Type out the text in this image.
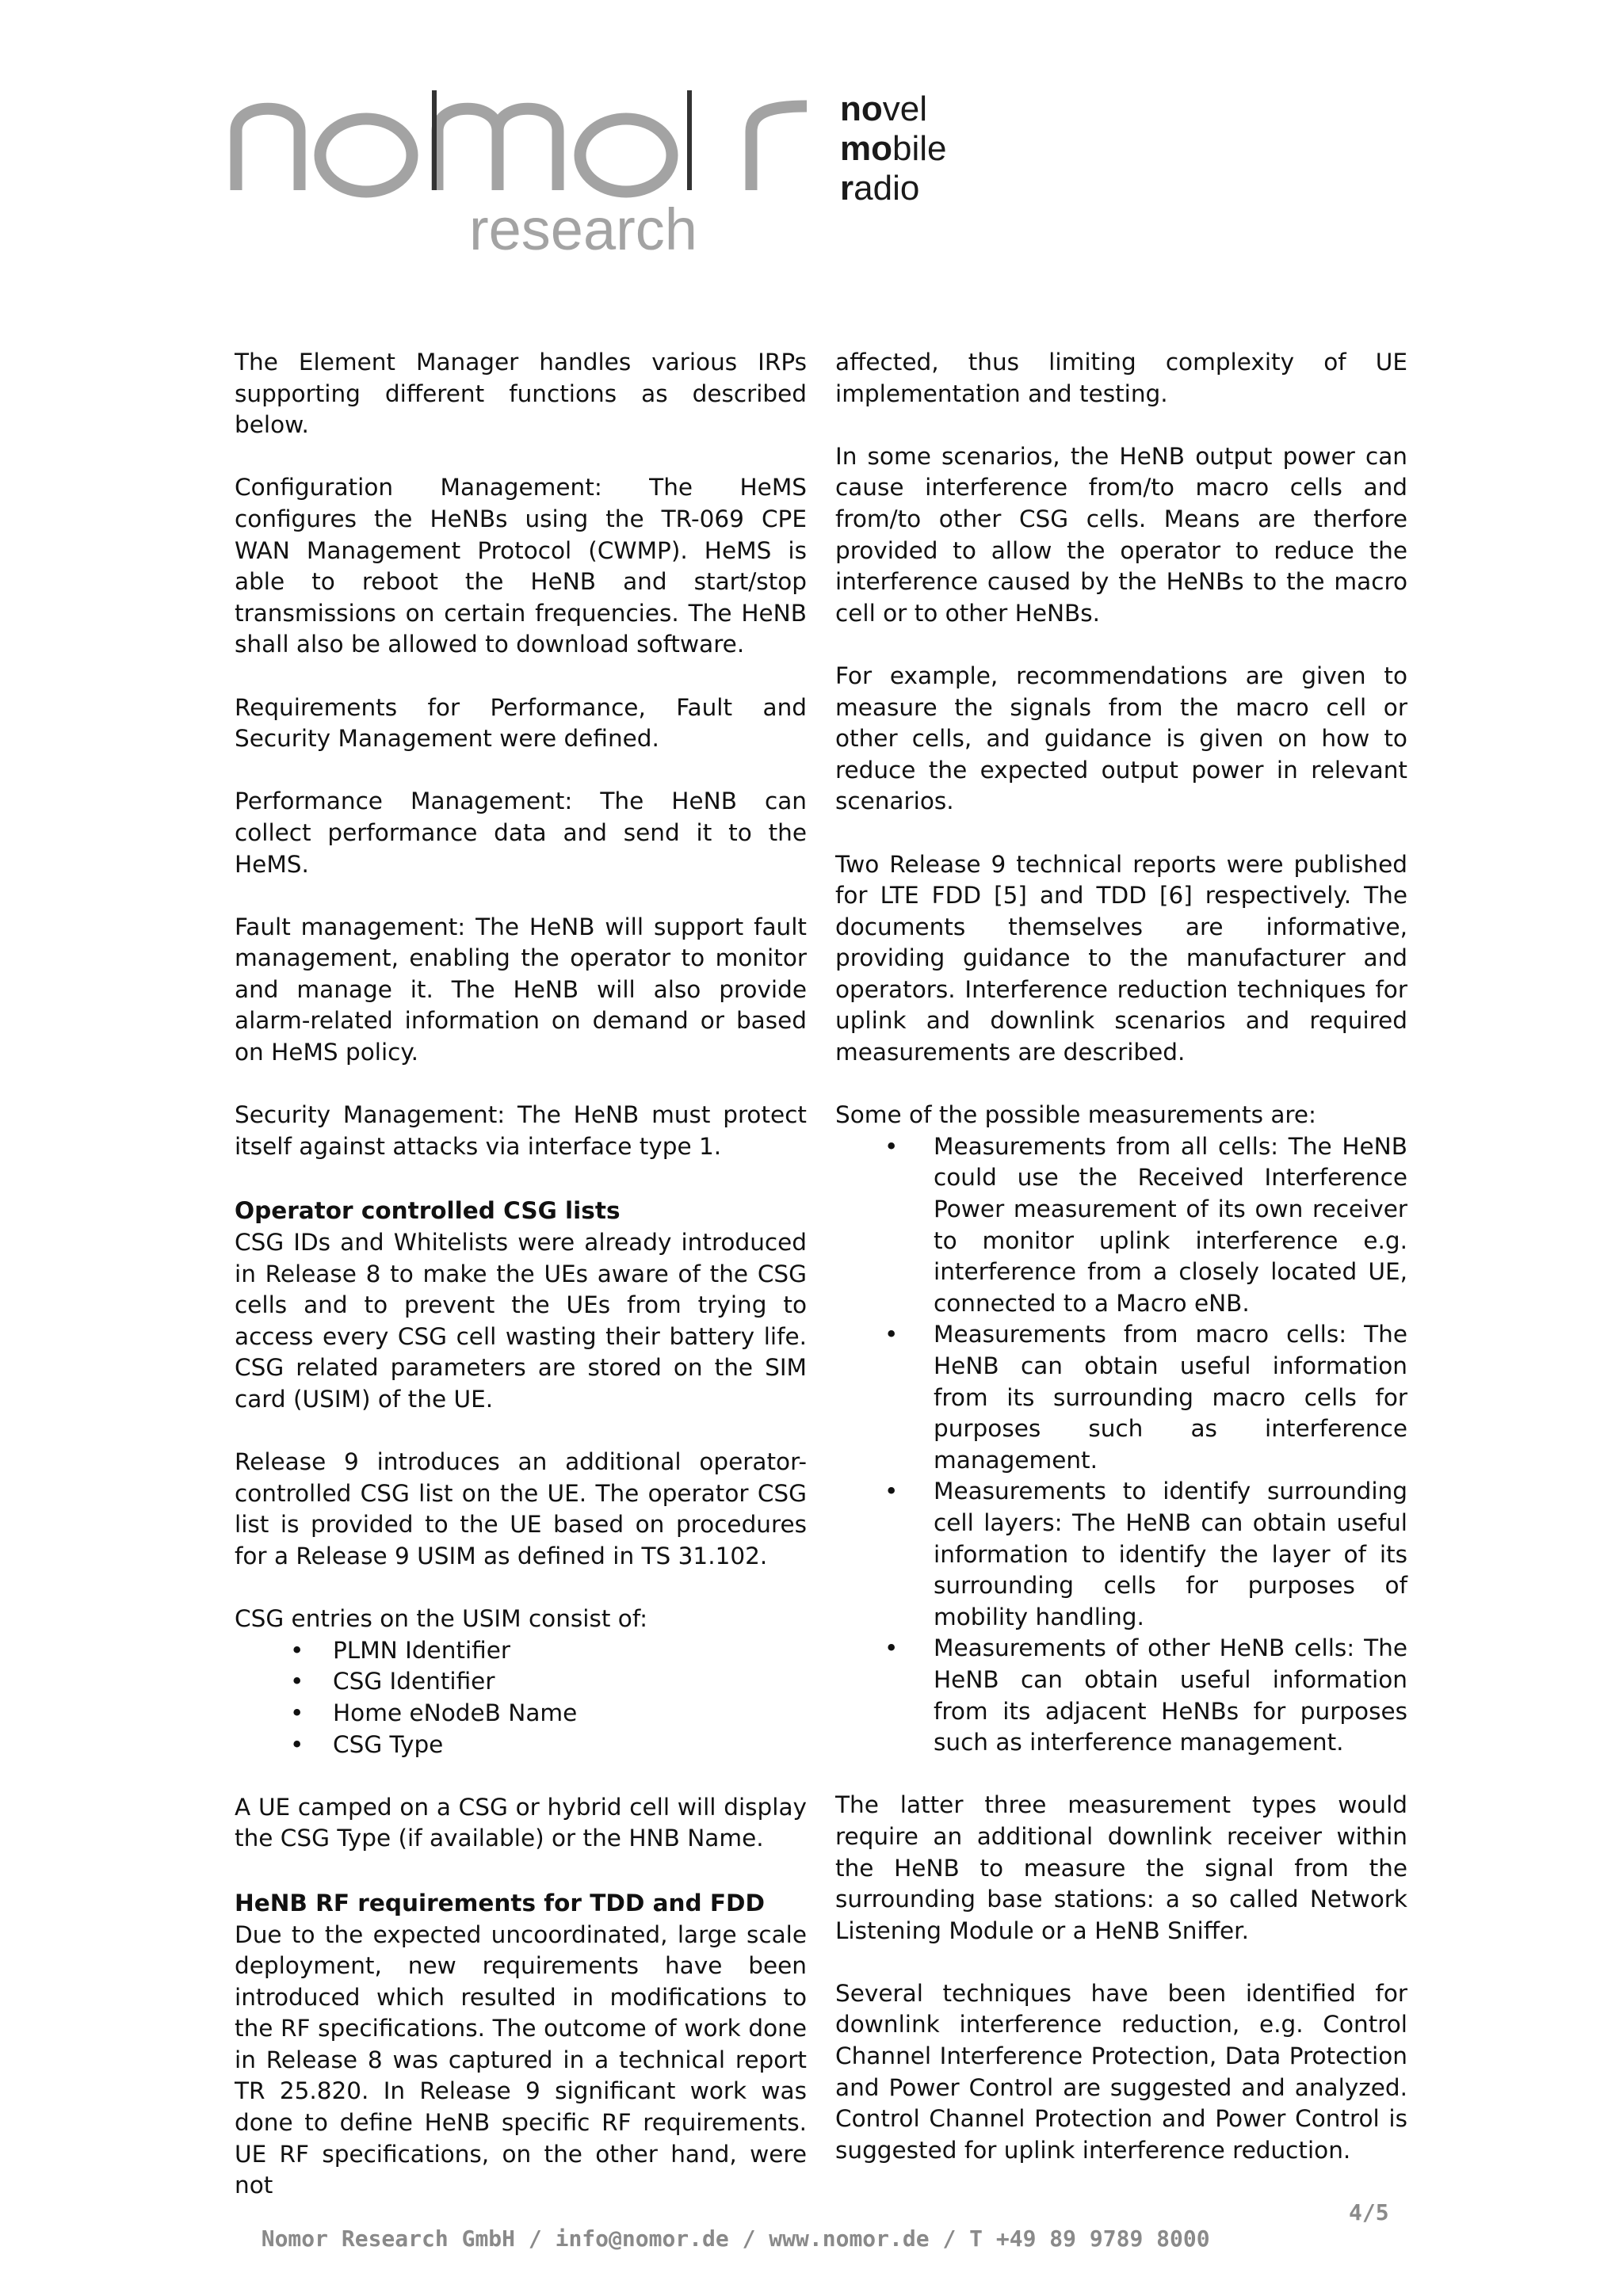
research
novel
mobile
radio

The Element Manager handles various IRPs supporting different functions as described below.

Configuration Management: The HeMS configures the HeNBs using the TR-069 CPE WAN Management Protocol (CWMP). HeMS is able to reboot the HeNB and start/stop transmissions on certain frequencies. The HeNB shall also be allowed to download software.

Requirements for Performance, Fault and Security Management were defined.

Performance Management: The HeNB can collect performance data and send it to the HeMS.

Fault management: The HeNB will support fault management, enabling the operator to monitor and manage it. The HeNB will also provide alarm-related information on demand or based on HeMS policy.

Security Management: The HeNB must protect itself against attacks via interface type 1.

Operator controlled CSG lists

CSG IDs and Whitelists were already introduced in Release 8 to make the UEs aware of the CSG cells and to prevent the UEs from trying to access every CSG cell wasting their battery life. CSG related parameters are stored on the SIM card (USIM) of the UE.

Release 9 introduces an additional operator-controlled CSG list on the UE. The operator CSG list is provided to the UE based on procedures for a Release 9 USIM as defined in TS 31.102.

CSG entries on the USIM consist of:

• PLMN Identifier
• CSG Identifier
• Home eNodeB Name
• CSG Type

A UE camped on a CSG or hybrid cell will display the CSG Type (if available) or the HNB Name.

HeNB RF requirements for TDD and FDD

Due to the expected uncoordinated, large scale deployment, new requirements have been introduced which resulted in modifications to the RF specifications. The outcome of work done in Release 8 was captured in a technical report TR 25.820. In Release 9 significant work was done to define HeNB specific RF requirements. UE RF specifications, on the other hand, were not

affected, thus limiting complexity of UE implementation and testing.

In some scenarios, the HeNB output power can cause interference from/to macro cells and from/to other CSG cells. Means are therfore provided to allow the operator to reduce the interference caused by the HeNBs to the macro cell or to other HeNBs.

For example, recommendations are given to measure the signals from the macro cell or other cells, and guidance is given on how to reduce the expected output power in relevant scenarios.

Two Release 9 technical reports were published for LTE FDD [5] and TDD [6] respectively. The documents themselves are informative, providing guidance to the manufacturer and operators. Interference reduction techniques for uplink and downlink scenarios and required measurements are described.

Some of the possible measurements are:

• Measurements from all cells: The HeNB could use the Received Interference Power measurement of its own receiver to monitor uplink interference e.g. interference from a closely located UE, connected to a Macro eNB.
• Measurements from macro cells: The HeNB can obtain useful information from its surrounding macro cells for purposes such as interference management.
• Measurements to identify surrounding cell layers: The HeNB can obtain useful information to identify the layer of its surrounding cells for purposes of mobility handling.
• Measurements of other HeNB cells: The HeNB can obtain useful information from its adjacent HeNBs for purposes such as interference management.

The latter three measurement types would require an additional downlink receiver within the HeNB to measure the signal from the surrounding base stations: a so called Network Listening Module or a HeNB Sniffer.

Several techniques have been identified for downlink interference reduction, e.g. Control Channel Interference Protection, Data Protection and Power Control are suggested and analyzed. Control Channel Protection and Power Control is suggested for uplink interference reduction.

Nomor Research GmbH / info@nomor.de / www.nomor.de / T +49 89 9789 8000

4/5
